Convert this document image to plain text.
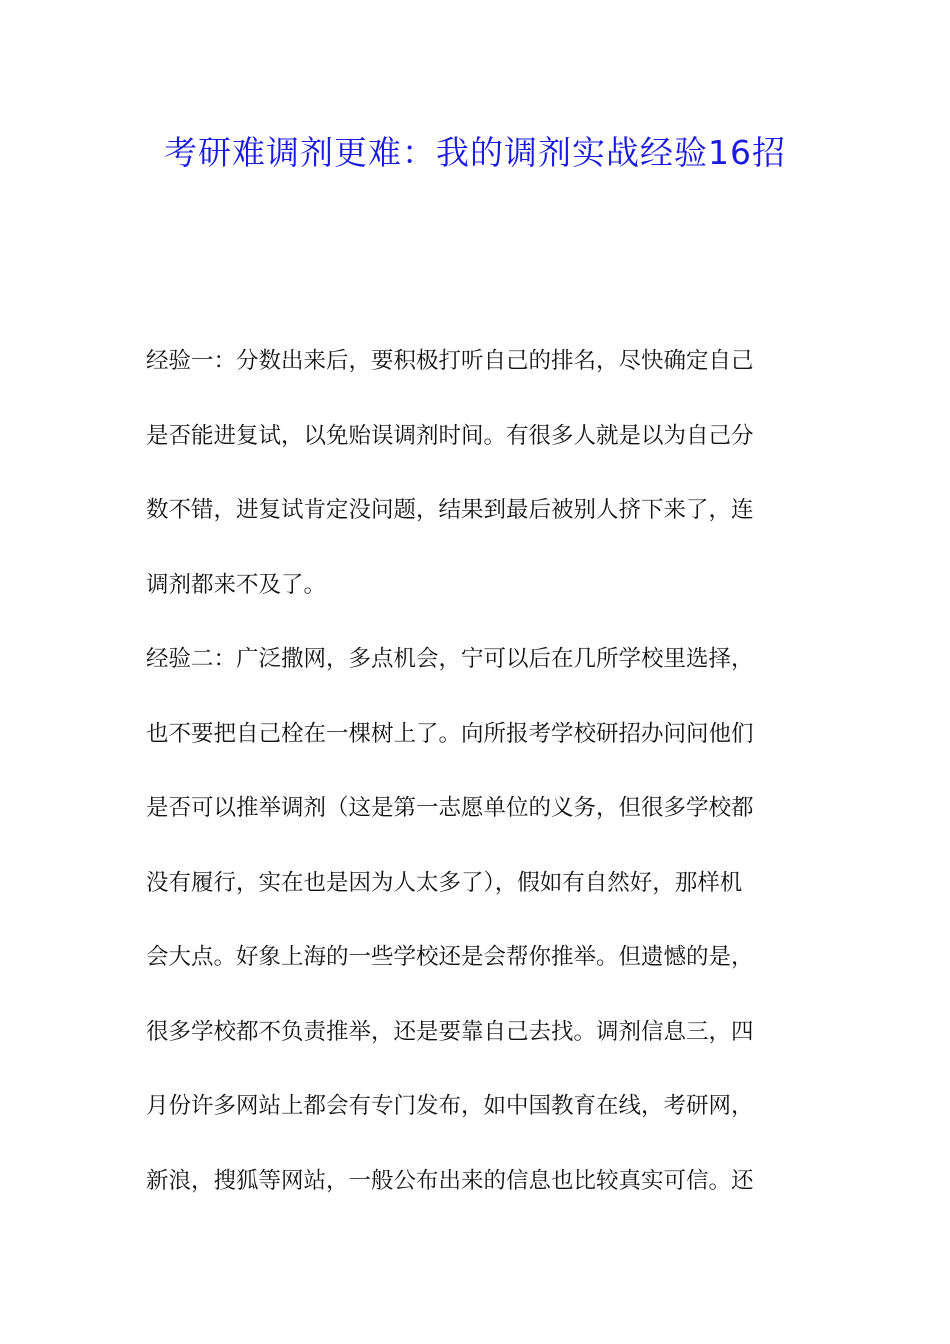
考研难调剂更难：我的调剂实战经验16招
经验一：分数出来后，要积极打听自己的排名，尽快确定自己
是否能进复试，以免贻误调剂时间。有很多人就是以为自己分
数不错，进复试肯定没问题，结果到最后被别人挤下来了，连
调剂都来不及了。
经验二：广泛撒网，多点机会，宁可以后在几所学校里选择，
也不要把自己栓在一棵树上了。向所报考学校研招办问问他们
是否可以推举调剂（这是第一志愿单位的义务，但很多学校都
没有履行，实在也是因为人太多了），假如有自然好，那样机
会大点。好象上海的一些学校还是会帮你推举。但遗憾的是，
很多学校都不负责推举，还是要靠自己去找。调剂信息三，四
月份许多网站上都会有专门发布，如中国教育在线，考研网，
新浪，搜狐等网站，一般公布出来的信息也比较真实可信。还
